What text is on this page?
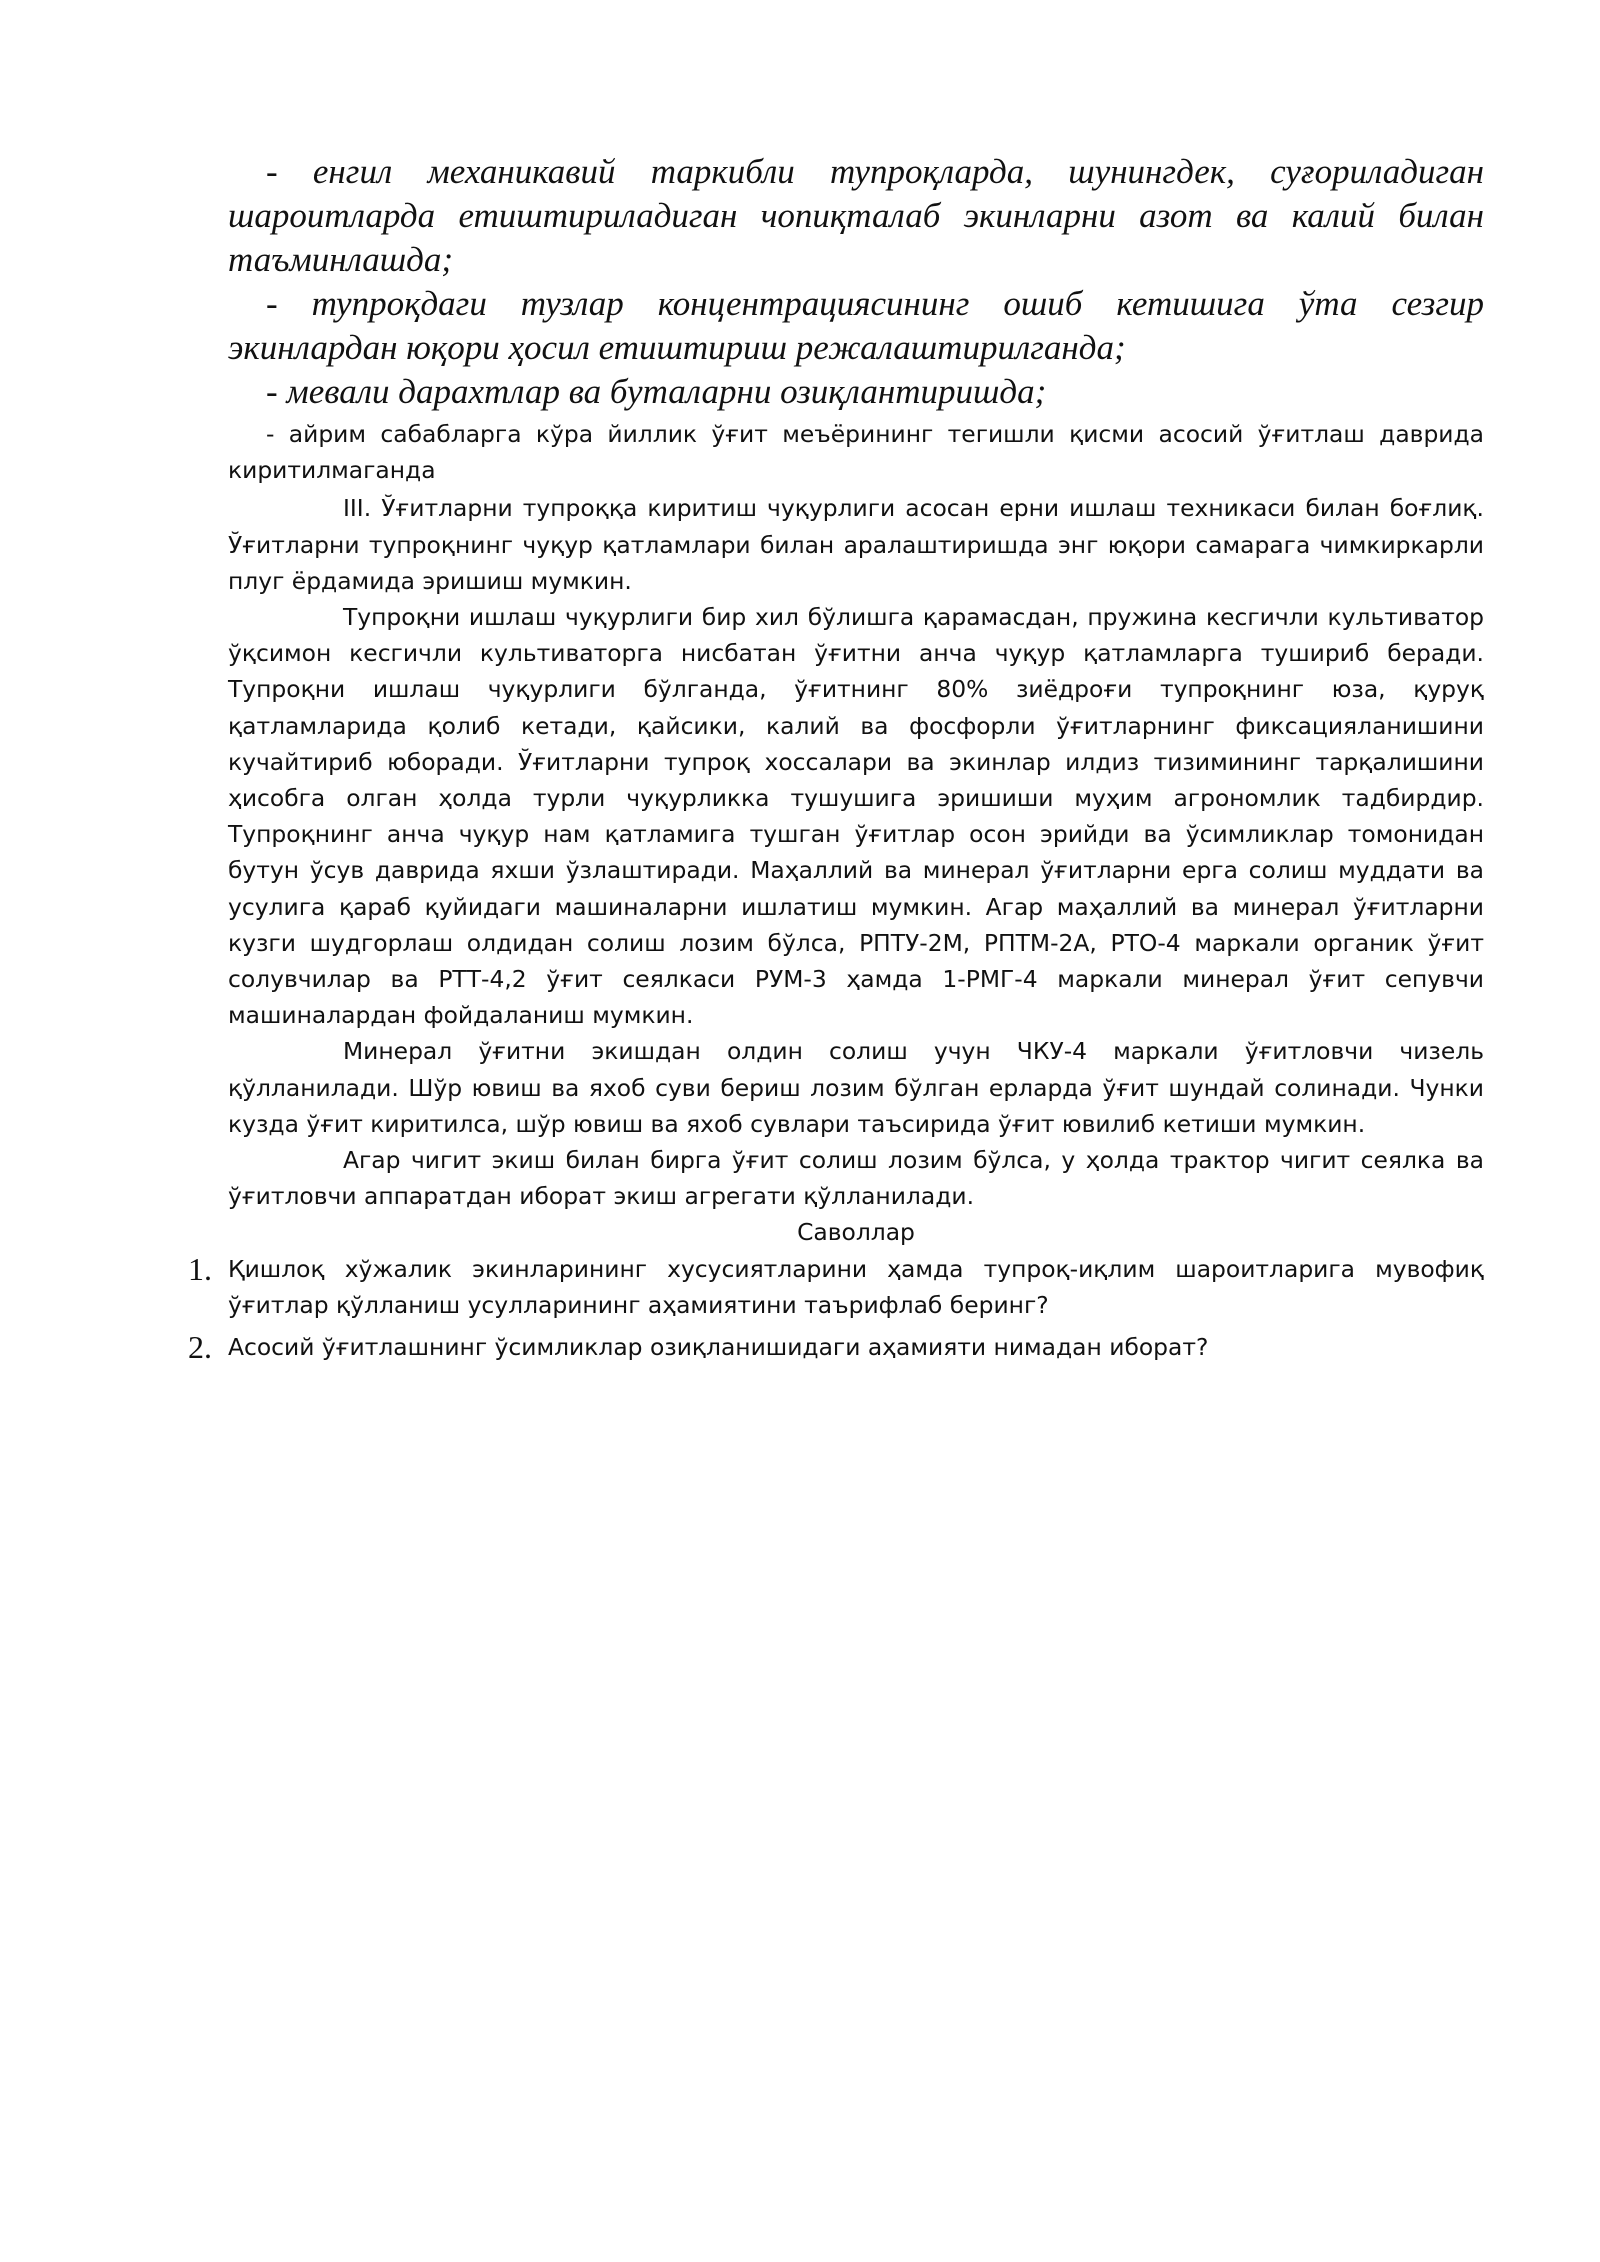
- енгил механикавий таркибли тупроқларда, шунингдек, суғориладиган шароитларда етиштириладиган чопиқталаб экинларни азот ва калий билан таъминлашда;

- тупроқдаги тузлар концентрациясининг ошиб кетишига ўта сезгир экинлардан юқори ҳосил етиштириш режалаштирилганда;

- мевали дарахтлар ва буталарни озиқлантиришда;

- айрим сабабларга кўра йиллик ўғит меъёрининг тегишли қисми асосий ўғитлаш даврида киритилмаганда

III. Ўғитларни тупроққа киритиш чуқурлиги асосан ерни ишлаш техникаси билан боғлиқ. Ўғитларни тупроқнинг чуқур қатламлари билан аралаштиришда энг юқори самарага чимкиркарли плуг ёрдамида эришиш мумкин.

Тупроқни ишлаш чуқурлиги бир хил бўлишга қарамасдан, пружина кесгичли культиватор ўқсимон кесгичли культиваторга нисбатан ўғитни анча чуқур қатламларга тушириб беради. Тупроқни ишлаш чуқурлиги бўлганда, ўғитнинг 80% зиёдроғи тупроқнинг юза, қуруқ қатламларида қолиб кетади, қайсики, калий ва фосфорли ўғитларнинг фиксацияланишини кучайтириб юборади. Ўғитларни тупроқ хоссалари ва экинлар илдиз тизимининг тарқалишини ҳисобга олган ҳолда турли чуқурликка тушушига эришиши муҳим агрономлик тадбирдир. Тупроқнинг анча чуқур нам қатламига тушган ўғитлар осон эрийди ва ўсимликлар томонидан бутун ўсув даврида яхши ўзлаштиради. Маҳаллий ва минерал ўғитларни ерга солиш муддати ва усулига қараб қуйидаги машиналарни ишлатиш мумкин. Агар маҳаллий ва минерал ўғитларни кузги шудгорлаш олдидан солиш лозим бўлса, РПТУ-2М, РПТМ-2А, РТО-4 маркали органик ўғит солувчилар ва РТТ-4,2 ўғит сеялкаси РУМ-3 ҳамда 1-РМГ-4 маркали минерал ўғит сепувчи машиналардан фойдаланиш мумкин.

Минерал ўғитни экишдан олдин солиш учун ЧКУ-4 маркали ўғитловчи чизель қўлланилади. Шўр ювиш ва яхоб суви бериш лозим бўлган ерларда ўғит шундай солинади. Чунки кузда ўғит киритилса, шўр ювиш ва яхоб сувлари таъсирида ўғит ювилиб кетиши мумкин.

Агар чигит экиш билан бирга ўғит солиш лозим бўлса, у ҳолда трактор чигит сеялка ва ўғитловчи аппаратдан иборат экиш агрегати қўлланилади.

Саволлар

1. Қишлоқ хўжалик экинларининг хусусиятларини ҳамда тупроқ-иқлим шароитларига мувофиқ ўғитлар қўлланиш усулларининг аҳамиятини таърифлаб беринг?
2. Асосий ўғитлашнинг ўсимликлар озиқланишидаги аҳамияти нимадан иборат?
